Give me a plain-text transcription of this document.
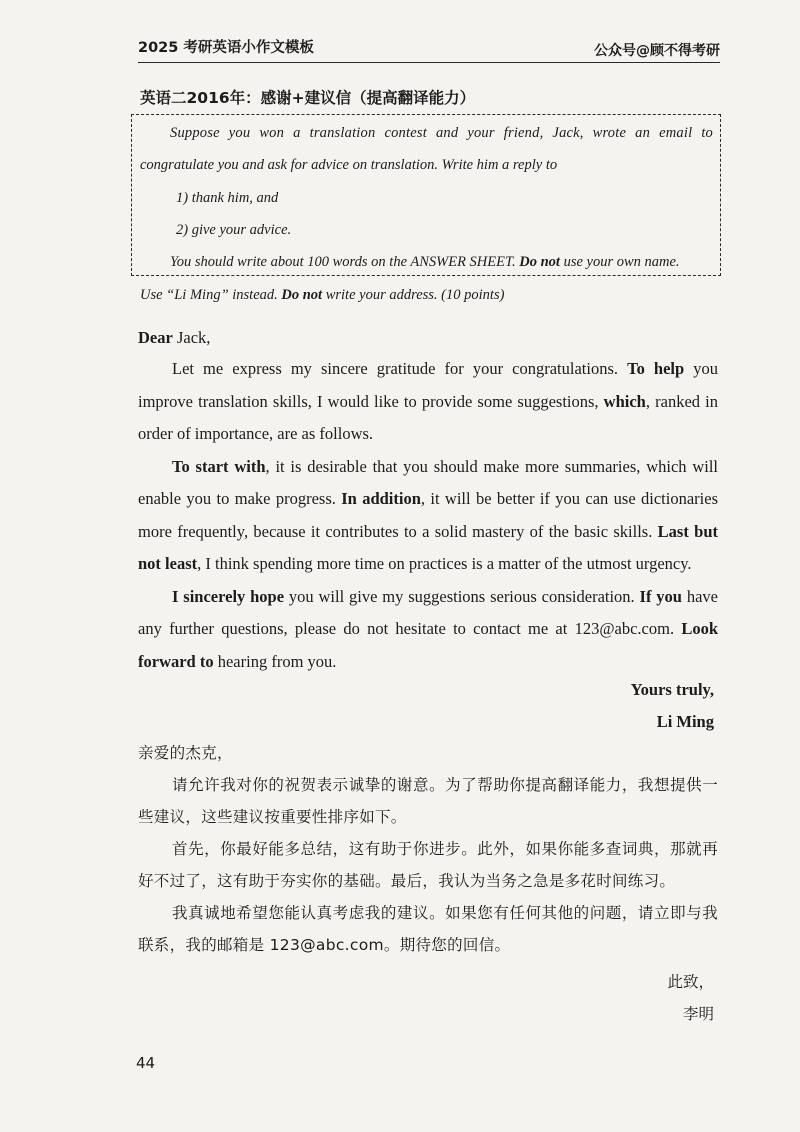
2025 考研英语小作文模板	公众号@顾不得考研
英语二2016年：感谢+建议信（提高翻译能力）
Suppose you won a translation contest and your friend, Jack, wrote an email to
congratulate you and ask for advice on translation. Write him a reply to
1) thank him, and
2) give your advice.
You should write about 100 words on the ANSWER SHEET. Do not use your own name.
Use “Li Ming” instead. Do not write your address. (10 points)
Dear Jack,

Let me express my sincere gratitude for your congratulations. To help you improve translation skills, I would like to provide some suggestions, which, ranked in order of importance, are as follows.

To start with, it is desirable that you should make more summaries, which will enable you to make progress. In addition, it will be better if you can use dictionaries more frequently, because it contributes to a solid mastery of the basic skills. Last but not least, I think spending more time on practices is a matter of the utmost urgency.

I sincerely hope you will give my suggestions serious consideration. If you have any further questions, please do not hesitate to contact me at 123@abc.com. Look forward to hearing from you.

Yours truly,
Li Ming

亲爱的杰克，

请允许我对你的祝贺表示诚挚的谢意。为了帮助你提高翻译能力，我想提供一些建议，这些建议按重要性排序如下。

首先，你最好能多总结，这有助于你进步。此外，如果你能多查词典，那就再好不过了，这有助于夯实你的基础。最后，我认为当务之急是多花时间练习。

我真诚地希望您能认真考虑我的建议。如果您有任何其他的问题，请立即与我联系，我的邮箱是 123@abc.com。期待您的回信。

此致，
李明
44
